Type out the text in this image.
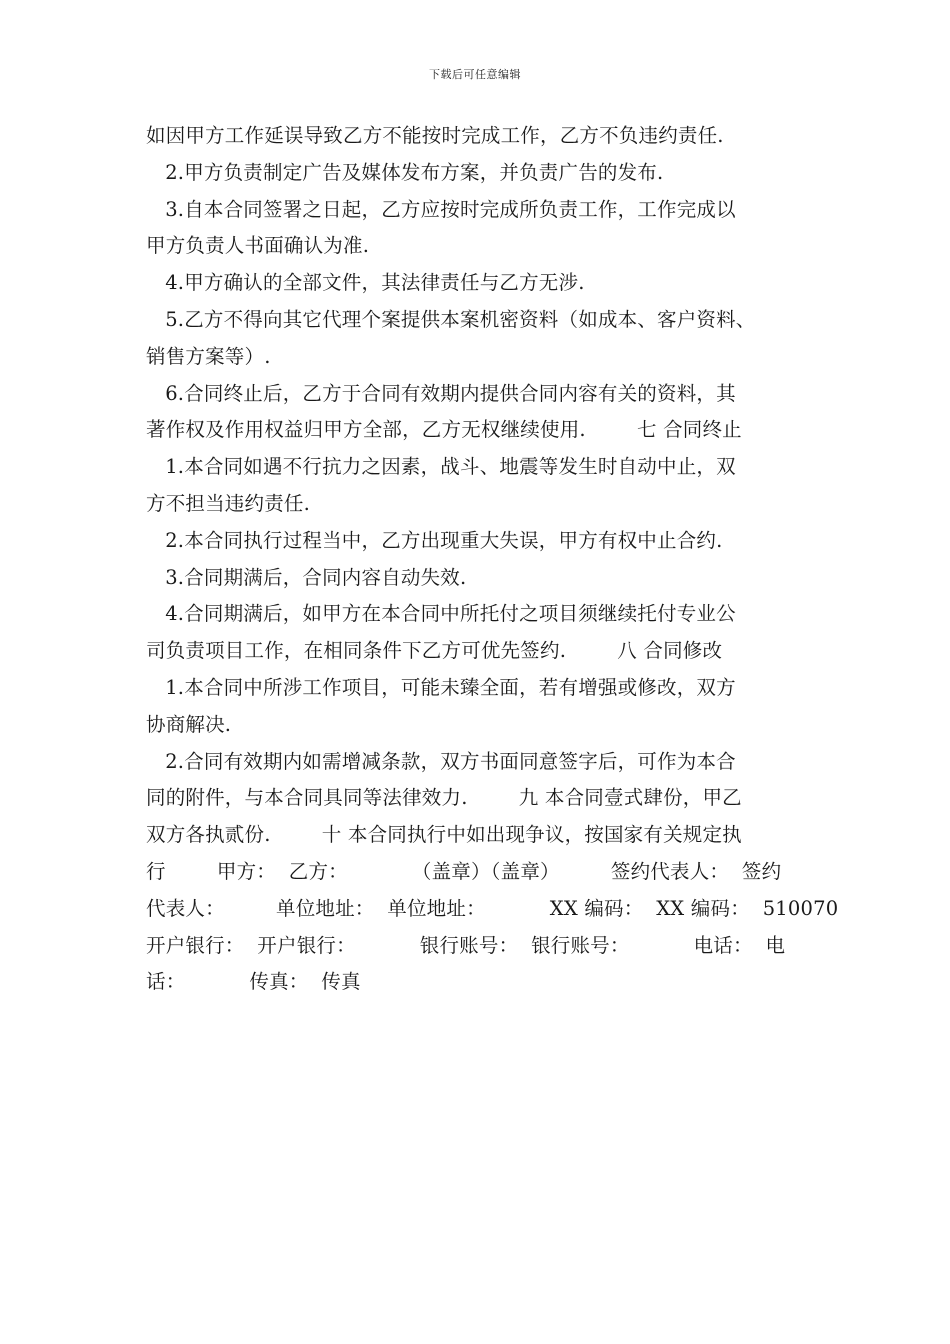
下载后可任意编辑
如因甲方工作延误导致乙方不能按时完成工作，乙方不负违约责任.
2.甲方负责制定广告及媒体发布方案，并负责广告的发布.
3.自本合同签署之日起，乙方应按时完成所负责工作，工作完成以
甲方负责人书面确认为准.
4.甲方确认的全部文件，其法律责任与乙方无涉.
5.乙方不得向其它代理个案提供本案机密资料（如成本、客户资料、
销售方案等）.
6.合同终止后，乙方于合同有效期内提供合同内容有关的资料，其
著作权及作用权益归甲方全部，乙方无权继续使用.        七 合同终止
1.本合同如遇不行抗力之因素，战斗、地震等发生时自动中止，双
方不担当违约责任.
2.本合同执行过程当中，乙方出现重大失误，甲方有权中止合约.
3.合同期满后，合同内容自动失效.
4.合同期满后，如甲方在本合同中所托付之项目须继续托付专业公
司负责项目工作，在相同条件下乙方可优先签约.        八 合同修改
1.本合同中所涉工作项目，可能未臻全面，若有增强或修改，双方
协商解决.
2.合同有效期内如需增减条款，双方书面同意签字后，可作为本合
同的附件，与本合同具同等法律效力.        九 本合同壹式肆份，甲乙
双方各执贰份.        十 本合同执行中如出现争议，按国家有关规定执
行        甲方：  乙方：          （盖章）（盖章）        签约代表人：  签约
代表人：        单位地址：  单位地址：          XX 编码：  XX 编码：  510070
开户银行：  开户银行：          银行账号：  银行账号：          电话：  电
话：          传真：  传真
